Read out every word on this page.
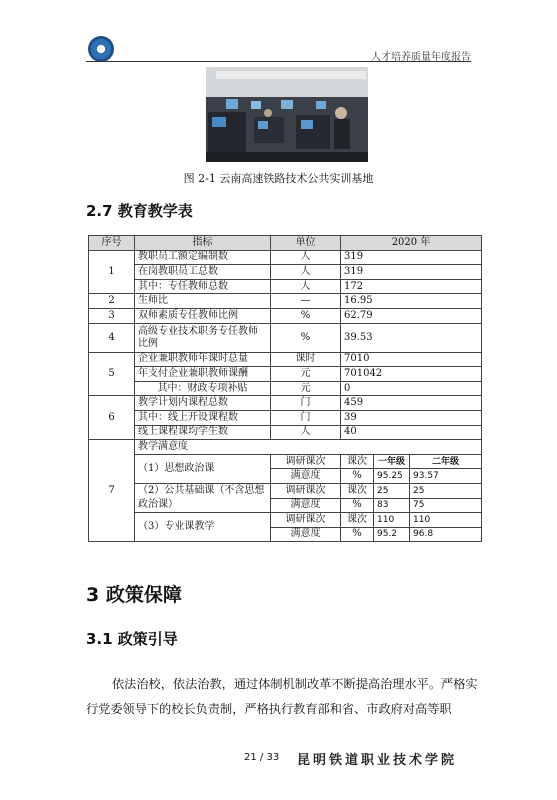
人才培养质量年度报告
图 2-1 云南高速铁路技术公共实训基地
2.7 教育教学表
序号	指标	单位	2020 年		
1	教职员工额定编制数	人	319		
	在岗教职员工总数	人	319		
	其中：专任教师总数	人	172		
2	生师比	—	16.95		
3	双师素质专任教师比例	%	62.79		
4	高级专业技术职务专任教师比例	%	39.53		
5	企业兼职教师年课时总量	课时	7010		
	年支付企业兼职教师课酬	元	701042		
	其中：财政专项补贴	元	0		
6	教学计划内课程总数	门	459		
	其中：线上开设课程数	门	39		
	线上课程课均学生数	人	40		
7	教学满意度				
	（1）思想政治课	调研课次	课次	一年级	二年级
		满意度	%	95.25	93.57
	（2）公共基础课（不含思想政治课）	调研课次	课次	25	25
		满意度	%	83	75
	（3）专业课教学	调研课次	课次	110	110
		满意度	%	95.2	96.8
3 政策保障
3.1 政策引导
依法治校，依法治教，通过体制机制改革不断提高治理水平。严格实行党委领导下的校长负责制，严格执行教育部和省、市政府对高等职
21 / 33 昆明铁道职业技术学院
